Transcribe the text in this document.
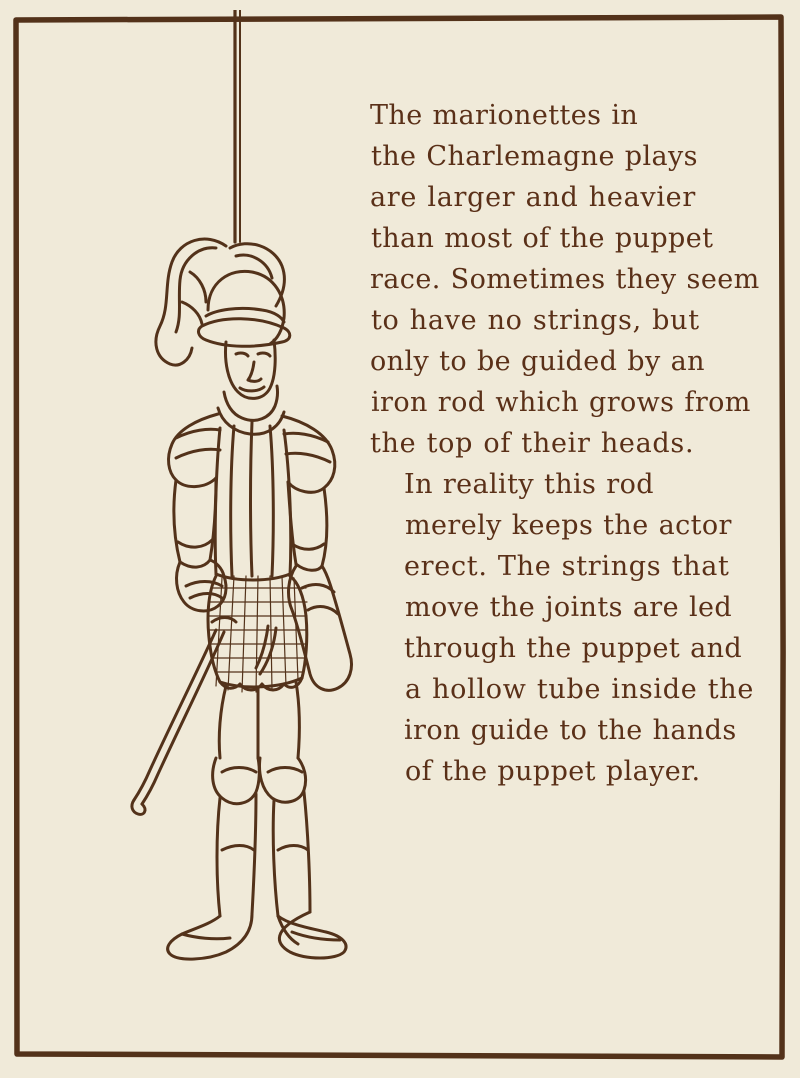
The marionettes in
the Charlemagne plays
are larger and heavier
than most of the puppet
race. Sometimes they seem
to have no strings, but
only to be guided by an
iron rod which grows from
the top of their heads.

In reality this rod
merely keeps the actor
erect. The strings that
move the joints are led
through the puppet and
a hollow tube inside the
iron guide to the hands
of the puppet player.
